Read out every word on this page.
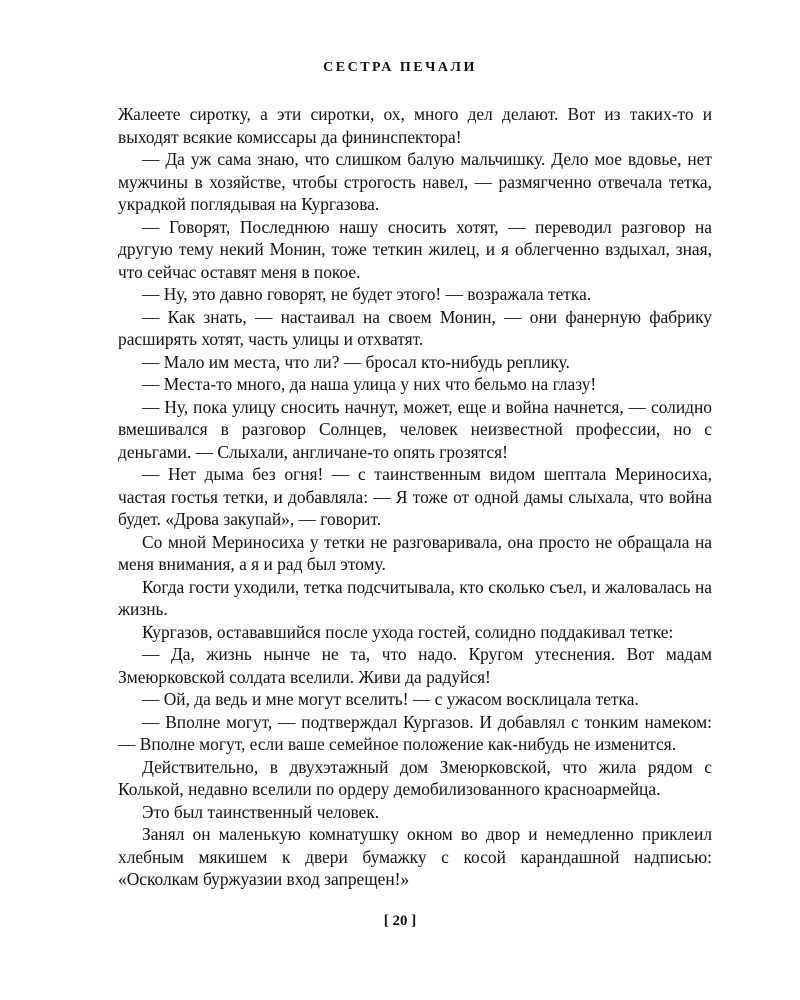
СЕСТРА ПЕЧАЛИ

Жалеете сиротку, а эти сиротки, ох, много дел делают. Вот из таких-то и выходят всякие комиссары да фининспектора!

— Да уж сама знаю, что слишком балую мальчишку. Дело мое вдовье, нет мужчины в хозяйстве, чтобы строгость навел, — размягченно отвечала тетка, украдкой поглядывая на Кургазова.

— Говорят, Последнюю нашу сносить хотят, — переводил разговор на другую тему некий Монин, тоже теткин жилец, и я облегченно вздыхал, зная, что сейчас оставят меня в покое.

— Ну, это давно говорят, не будет этого! — возражала тетка.

— Как знать, — настаивал на своем Монин, — они фанерную фабрику расширять хотят, часть улицы и отхватят.

— Мало им места, что ли? — бросал кто-нибудь реплику.

— Места-то много, да наша улица у них что бельмо на глазу!

— Ну, пока улицу сносить начнут, может, еще и война начнется, — солидно вмешивался в разговор Солнцев, человек неизвестной профессии, но с деньгами. — Слыхали, англичане-то опять грозятся!

— Нет дыма без огня! — с таинственным видом шептала Мериносиха, частая гостья тетки, и добавляла: — Я тоже от одной дамы слыхала, что война будет. «Дрова закупай», — говорит.

Со мной Мериносиха у тетки не разговаривала, она просто не обращала на меня внимания, а я и рад был этому.

Когда гости уходили, тетка подсчитывала, кто сколько съел, и жаловалась на жизнь.

Кургазов, остававшийся после ухода гостей, солидно поддакивал тетке:

— Да, жизнь нынче не та, что надо. Кругом утеснения. Вот мадам Змеюрковской солдата вселили. Живи да радуйся!

— Ой, да ведь и мне могут вселить! — с ужасом восклицала тетка.

— Вполне могут, — подтверждал Кургазов. И добавлял с тонким намеком: — Вполне могут, если ваше семейное положение как-нибудь не изменится.

Действительно, в двухэтажный дом Змеюрковской, что жила рядом с Колькой, недавно вселили по ордеру демобилизованного красноармейца.

Это был таинственный человек.

Занял он маленькую комнатушку окном во двор и немедленно приклеил хлебным мякишем к двери бумажку с косой карандашной надписью: «Осколкам буржуазии вход запрещен!»

[ 20 ]
